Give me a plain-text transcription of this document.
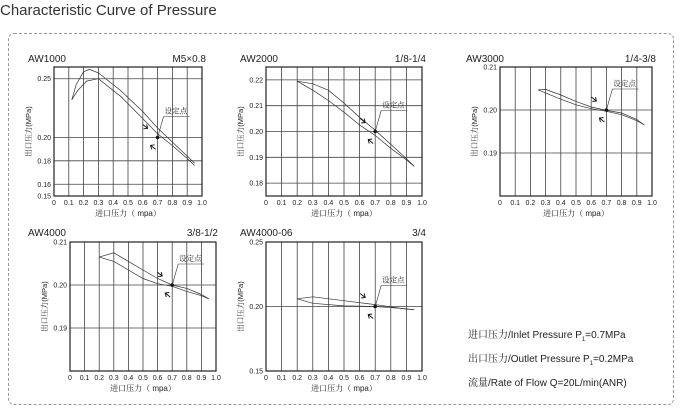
Characteristic Curve of Pressure
AW1000	M5×0.8
0 0.1 0.2 0.3 0.4 0.5 0.6 0.7 0.8 0.9 1.0
0.15
0.16
0.18
0.20
0.25
进口压力（ mpa）
出口压力(MPa)	设定点
AW2000	1/8-1/4
0 0.1 0.2 0.3 0.4 0.5 0.6 0.7 0.8 0.9 1.0
0.18
0.19
0.20
0.21
0.22
进口压力（ mpa）
出口压力(MPa)
设定点
AW3000	1/4-3/8
0 0.1 0.2 0.3 0.4 0.5 0.6 0.7 0.8 0.9 1.0
0.19
0.20
0.21
进口压力（ mpa）
出口压力(MPa)
设定点
AW4000	3/8-1/2
0 0.1 0.2 0.3 0.4 0.5 0.6 0.7 0.8 0.9 1.0
0.19
0.20
0.21
进口压力（ mpa）
出口压力(MPa)
设定点
AW4000-06	3/4
0 0.1 0.2 0.3 0.4 0.5 0.6 0.7 0.8 0.9 1.0
0.15
0.20
0.25
进口压力（ mpa）
出口压力(MPa)
设定点
进口压力/Inlet Pressure $P_1=0.7MPa$
出口压力/Outlet Pressure $P_1=0.2MPa$
流量/Rate of Flow Q=20L/min(ANR)
